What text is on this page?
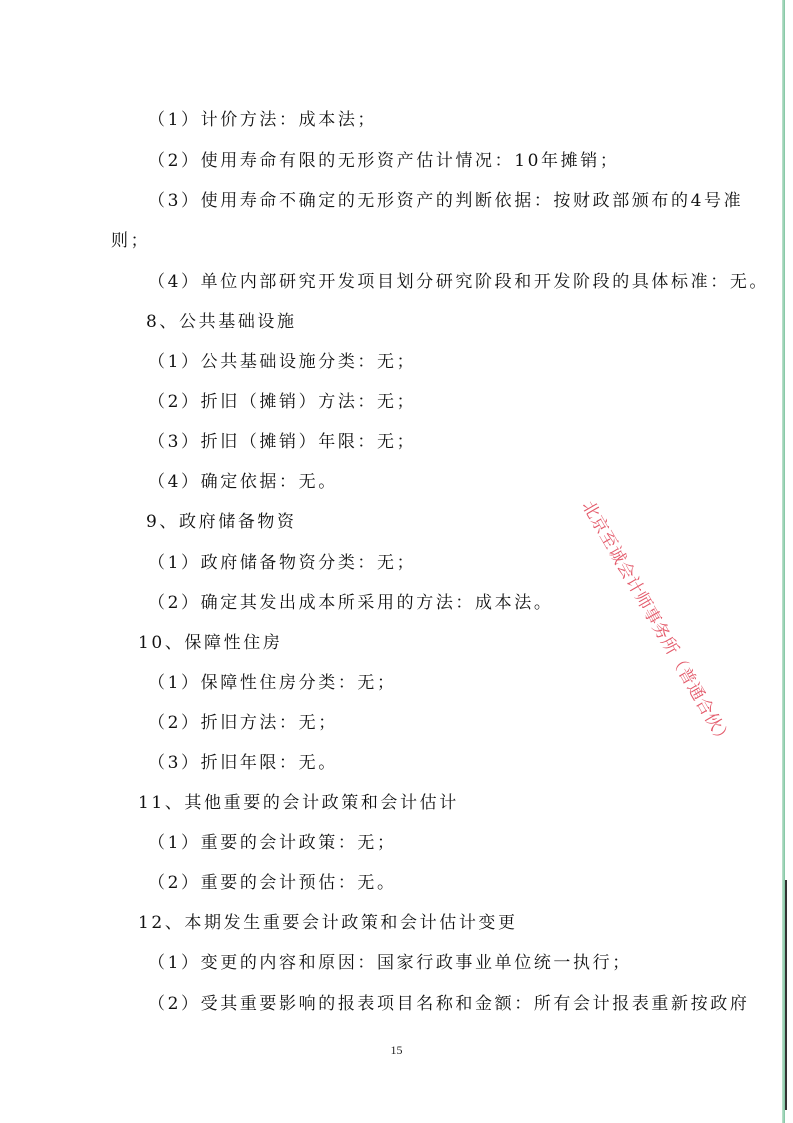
（1）计价方法：成本法；
（2）使用寿命有限的无形资产估计情况：10年摊销；
（3）使用寿命不确定的无形资产的判断依据：按财政部颁布的4号准
则；
（4）单位内部研究开发项目划分研究阶段和开发阶段的具体标准：无。
8、公共基础设施
（1）公共基础设施分类：无；
（2）折旧（摊销）方法：无；
（3）折旧（摊销）年限：无；
（4）确定依据：无。
9、政府储备物资
（1）政府储备物资分类：无；
（2）确定其发出成本所采用的方法：成本法。
10、保障性住房
（1）保障性住房分类：无；
（2）折旧方法：无；
（3）折旧年限：无。
11、其他重要的会计政策和会计估计
（1）重要的会计政策：无；
（2）重要的会计预估：无。
12、本期发生重要会计政策和会计估计变更
（1）变更的内容和原因：国家行政事业单位统一执行；
（2）受其重要影响的报表项目名称和金额：所有会计报表重新按政府
北京至诚会计师事务所（普通合伙）
15
